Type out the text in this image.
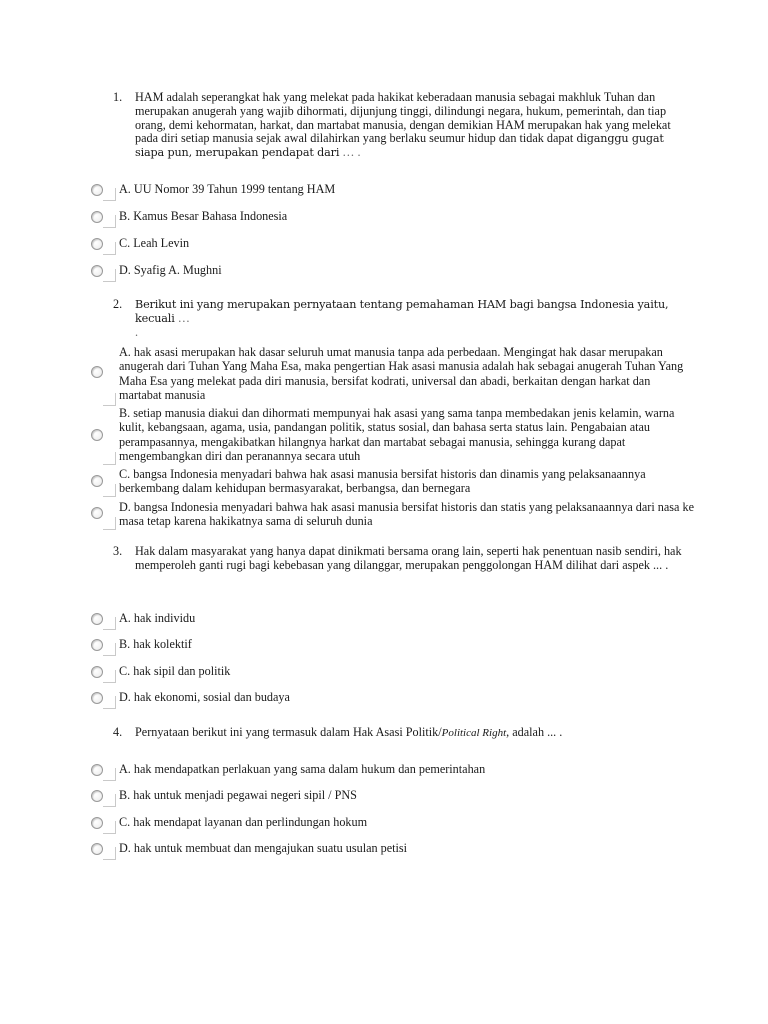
1. HAM adalah seperangkat hak yang melekat pada hakikat keberadaan manusia sebagai makhluk Tuhan dan merupakan anugerah yang wajib dihormati, dijunjung tinggi, dilindungi negara, hukum, pemerintah, dan tiap orang, demi kehormatan, harkat, dan martabat manusia, dengan demikian HAM merupakan hak yang melekat pada diri setiap manusia sejak awal dilahirkan yang berlaku seumur hidup dan tidak dapat diganggu gugat siapa pun, merupakan pendapat dari … .
A. UU Nomor 39 Tahun 1999 tentang HAM
B. Kamus Besar Bahasa Indonesia
C. Leah Levin
D. Syafig A. Mughni
2. Berikut ini yang merupakan pernyataan tentang pemahaman HAM bagi bangsa Indonesia yaitu, kecuali …
.
A. hak asasi merupakan hak dasar seluruh umat manusia tanpa ada perbedaan. Mengingat hak dasar merupakan anugerah dari Tuhan Yang Maha Esa, maka pengertian Hak asasi manusia adalah hak sebagai anugerah Tuhan Yang Maha Esa yang melekat pada diri manusia, bersifat kodrati, universal dan abadi, berkaitan dengan harkat dan martabat manusia
B. setiap manusia diakui dan dihormati mempunyai hak asasi yang sama tanpa membedakan jenis kelamin, warna kulit, kebangsaan, agama, usia, pandangan politik, status sosial, dan bahasa serta status lain. Pengabaian atau perampasannya, mengakibatkan hilangnya harkat dan martabat sebagai manusia, sehingga kurang dapat mengembangkan diri dan peranannya secara utuh
C. bangsa Indonesia menyadari bahwa hak asasi manusia bersifat historis dan dinamis yang pelaksanaannya berkembang dalam kehidupan bermasyarakat, berbangsa, dan bernegara
D. bangsa Indonesia menyadari bahwa hak asasi manusia bersifat historis dan statis yang pelaksanaannya dari nasa ke masa tetap karena hakikatnya sama di seluruh dunia
3. Hak dalam masyarakat yang hanya dapat dinikmati bersama orang lain, seperti hak penentuan nasib sendiri, hak memperoleh ganti rugi bagi kebebasan yang dilanggar, merupakan penggolongan HAM dilihat dari aspek ... .
A. hak individu
B. hak kolektif
C. hak sipil dan politik
D. hak ekonomi, sosial dan budaya
4. Pernyataan berikut ini yang termasuk dalam Hak Asasi Politik/Political Right, adalah ... .
A. hak mendapatkan perlakuan yang sama dalam hukum dan pemerintahan
B. hak untuk menjadi pegawai negeri sipil / PNS
C. hak mendapat layanan dan perlindungan hokum
D. hak untuk membuat dan mengajukan suatu usulan petisi
